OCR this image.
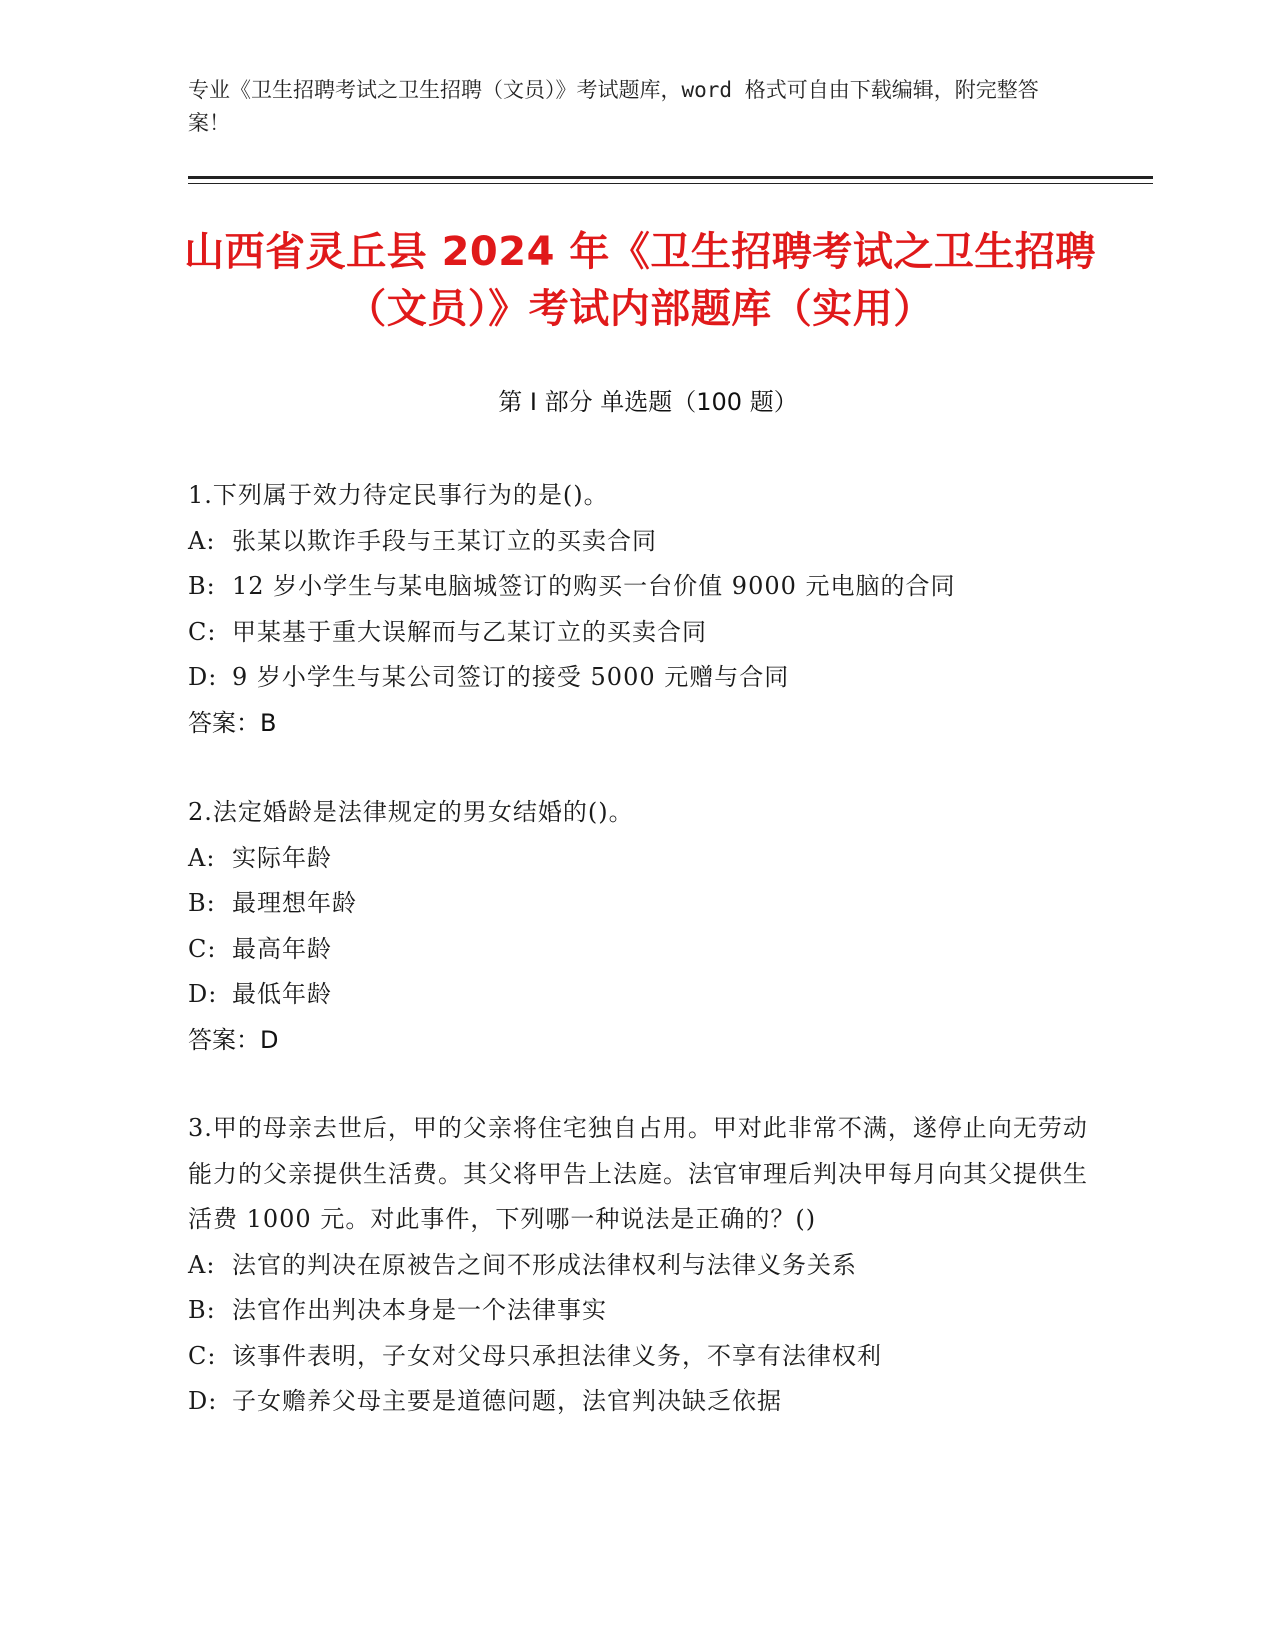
专业《卫生招聘考试之卫生招聘（文员）》考试题库，word 格式可自由下载编辑，附完整答案！
山西省灵丘县 2024 年《卫生招聘考试之卫生招聘（文员）》考试内部题库（实用）
第 I 部分 单选题（100 题）
1.下列属于效力待定民事行为的是()。
A: 张某以欺诈手段与王某订立的买卖合同
B: 12 岁小学生与某电脑城签订的购买一台价值 9000 元电脑的合同
C: 甲某基于重大误解而与乙某订立的买卖合同
D: 9 岁小学生与某公司签订的接受 5000 元赠与合同
答案：B
2.法定婚龄是法律规定的男女结婚的()。
A: 实际年龄
B: 最理想年龄
C: 最高年龄
D: 最低年龄
答案：D
3.甲的母亲去世后，甲的父亲将住宅独自占用。甲对此非常不满，遂停止向无劳动能力的父亲提供生活费。其父将甲告上法庭。法官审理后判决甲每月向其父提供生活费 1000 元。对此事件，下列哪一种说法是正确的？()
A: 法官的判决在原被告之间不形成法律权利与法律义务关系
B: 法官作出判决本身是一个法律事实
C: 该事件表明，子女对父母只承担法律义务，不享有法律权利
D: 子女赡养父母主要是道德问题，法官判决缺乏依据
